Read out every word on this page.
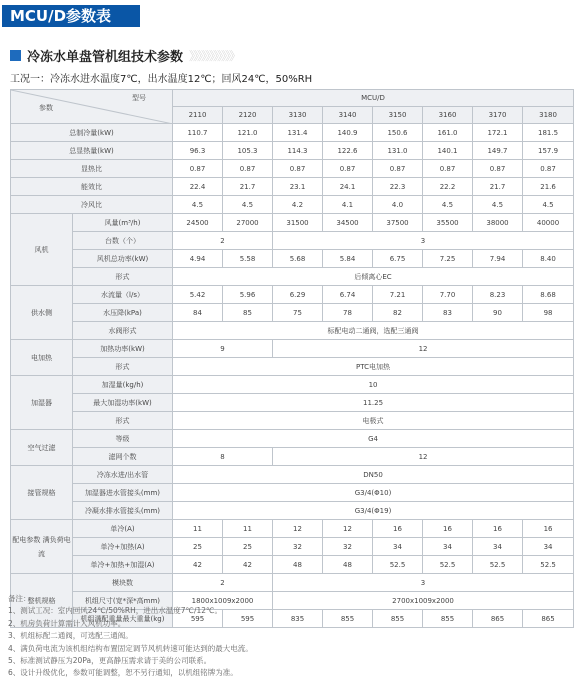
MCU/D参数表
冷冻水单盘管机组技术参数 》》》》》》》》》》》
工况一：冷冻水进水温度7℃，出水温度12℃；回风24℃，50%RH
型号
参数		MCU/D							
		2110	2120	3130	3140	3150	3160	3170	3180
总制冷量(kW)		110.7	121.0	131.4	140.9	150.6	161.0	172.1	181.5
总显热量(kW)		96.3	105.3	114.3	122.6	131.0	140.1	149.7	157.9
显热比		0.87	0.87	0.87	0.87	0.87	0.87	0.87	0.87
能效比		22.4	21.7	23.1	24.1	22.3	22.2	21.7	21.6
冷风比		4.5	4.5	4.2	4.1	4.0	4.5	4.5	4.5
风机	风量(m³/h)	24500	27000	31500	34500	37500	35500	38000	40000
	台数（个）	2		3					
	风机总功率(kW)	4.94	5.58	5.68	5.84	6.75	7.25	7.94	8.40
	形式	后倾离心EC							
供水侧	水流量（l/s）	5.42	5.96	6.29	6.74	7.21	7.70	8.23	8.68
	水压降(kPa)	84	85	75	78	82	83	90	98
	水阀形式	标配电动二通阀，选配三通阀							
电加热	加热功率(kW)	9		12					
	形式	PTC电加热							
加湿器	加湿量(kg/h)	10							
	最大加湿功率(kW)	11.25							
	形式	电极式							
空气过滤	等级	G4							
	滤网个数	8		12					
接管规格	冷冻水进/出水管	DN50							
	加湿器进水管接头(mm)	G3/4(Φ10)							
	冷凝水排水管接头(mm)	G3/4(Φ19)							
配电参数 满负荷电流	单冷(A)	11	11	12	12	16	16	16	16
	单冷+加热(A)	25	25	32	32	34	34	34	34
	单冷+加热+加湿(A)	42	42	48	48	52.5	52.5	52.5	52.5
整机规格	模块数	2		3					
	机组尺寸(宽*深*高mm)	1800x1009x2000		2700x1009x2000					
	机组满配重量最大重量(kg)	595	595	835	855	855	855	865	865
备注：
1、测试工况：室内回风24℃/50%RH，进出水温度7℃/12℃。
2、机房负荷计算需计入风机功率。
3、机组标配二通阀，可选配三通阀。
4、满负荷电流为该机组结构布置固定调节风机转速可能达到的最大电流。
5、标准测试静压为20Pa，更高静压需求请于美的公司联系。
6、设计升级优化，参数可能调整，恕不另行通知，以机组铭牌为准。
